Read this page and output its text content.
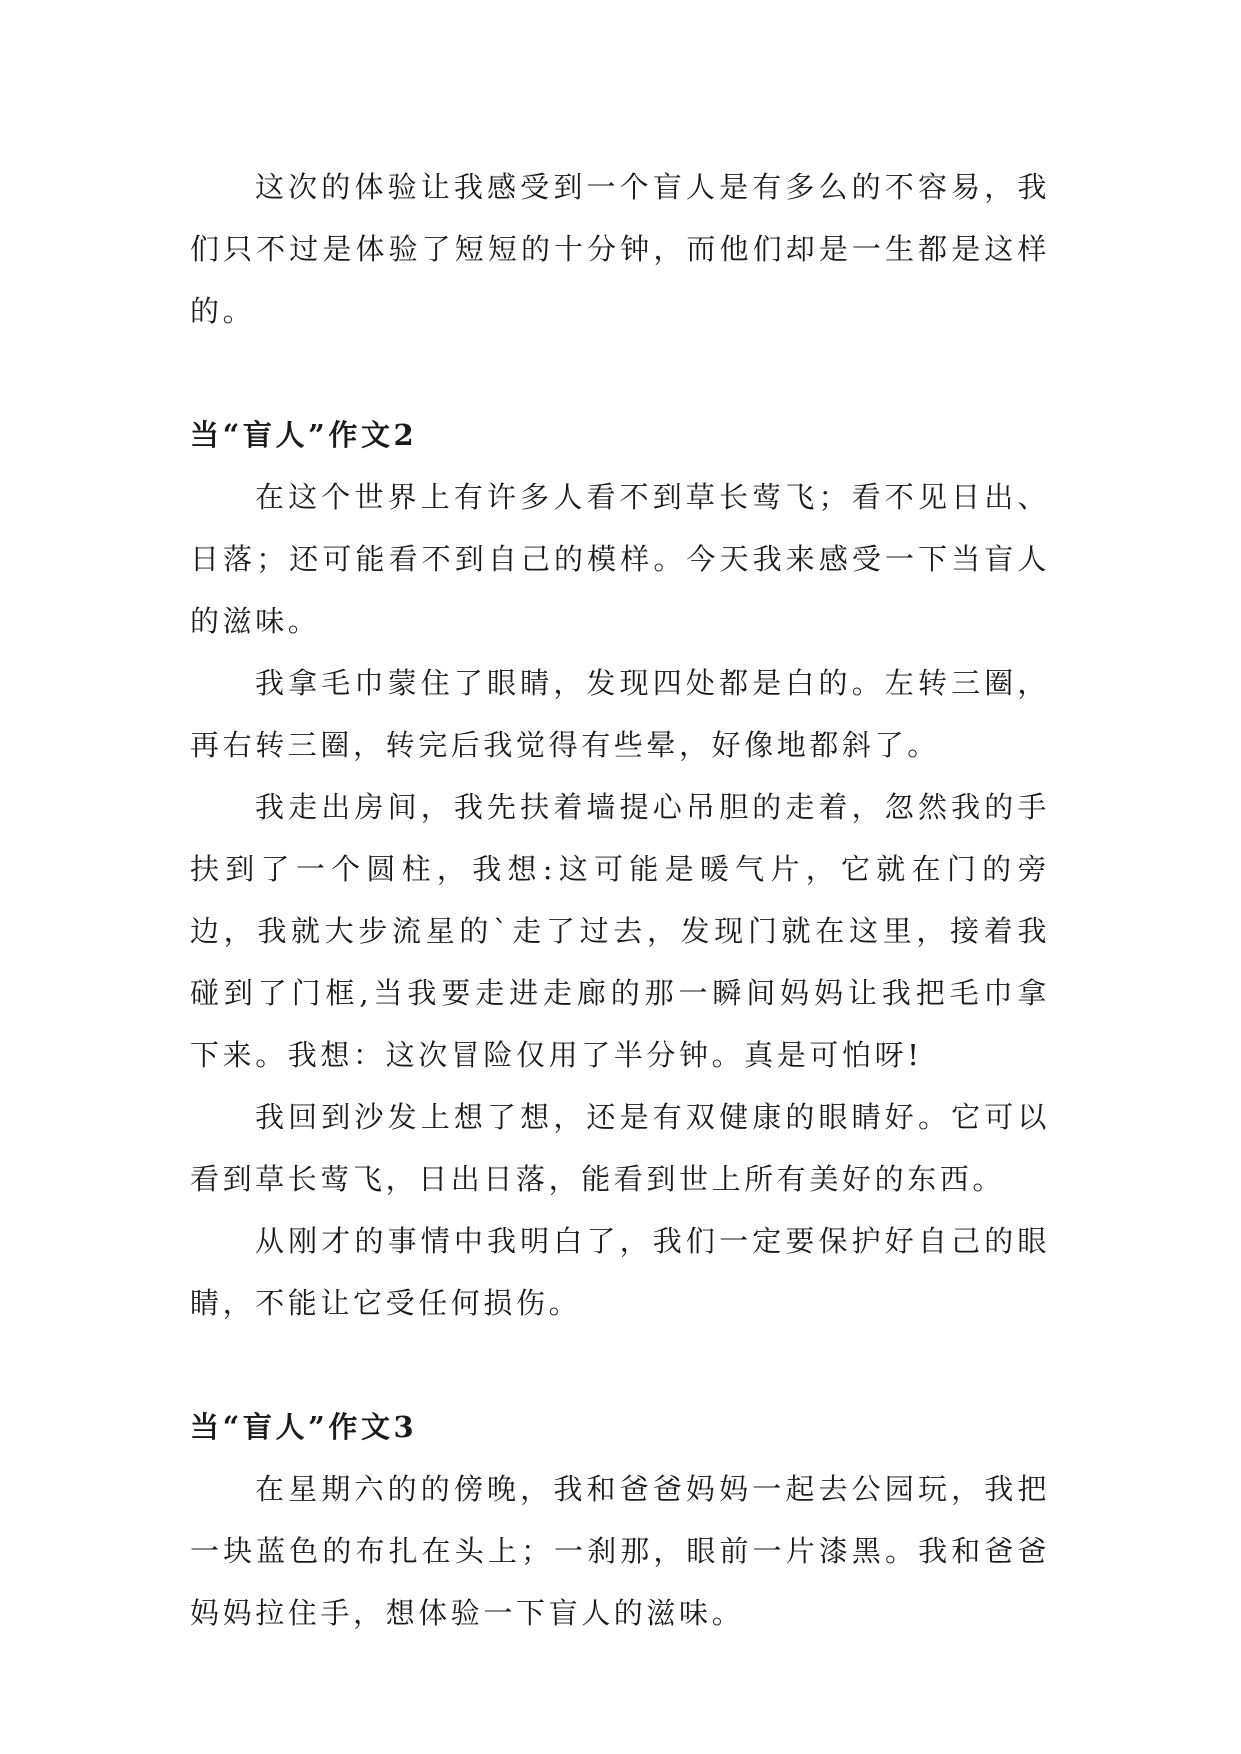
这次的体验让我感受到一个盲人是有多么的不容易，我们只不过是体验了短短的十分钟，而他们却是一生都是这样的。

当“盲人”作文2

在这个世界上有许多人看不到草长莺飞；看不见日出、日落；还可能看不到自己的模样。今天我来感受一下当盲人的滋味。

我拿毛巾蒙住了眼睛，发现四处都是白的。左转三圈，再右转三圈，转完后我觉得有些晕，好像地都斜了。

我走出房间，我先扶着墙提心吊胆的走着，忽然我的手扶到了一个圆柱，我想:这可能是暖气片，它就在门的旁边，我就大步流星的`走了过去，发现门就在这里，接着我碰到了门框,当我要走进走廊的那一瞬间妈妈让我把毛巾拿下来。我想：这次冒险仅用了半分钟。真是可怕呀!

我回到沙发上想了想，还是有双健康的眼睛好。它可以看到草长莺飞，日出日落，能看到世上所有美好的东西。

从刚才的事情中我明白了，我们一定要保护好自己的眼睛，不能让它受任何损伤。

当“盲人”作文3

在星期六的的傍晚，我和爸爸妈妈一起去公园玩，我把一块蓝色的布扎在头上；一刹那，眼前一片漆黑。我和爸爸妈妈拉住手，想体验一下盲人的滋味。
